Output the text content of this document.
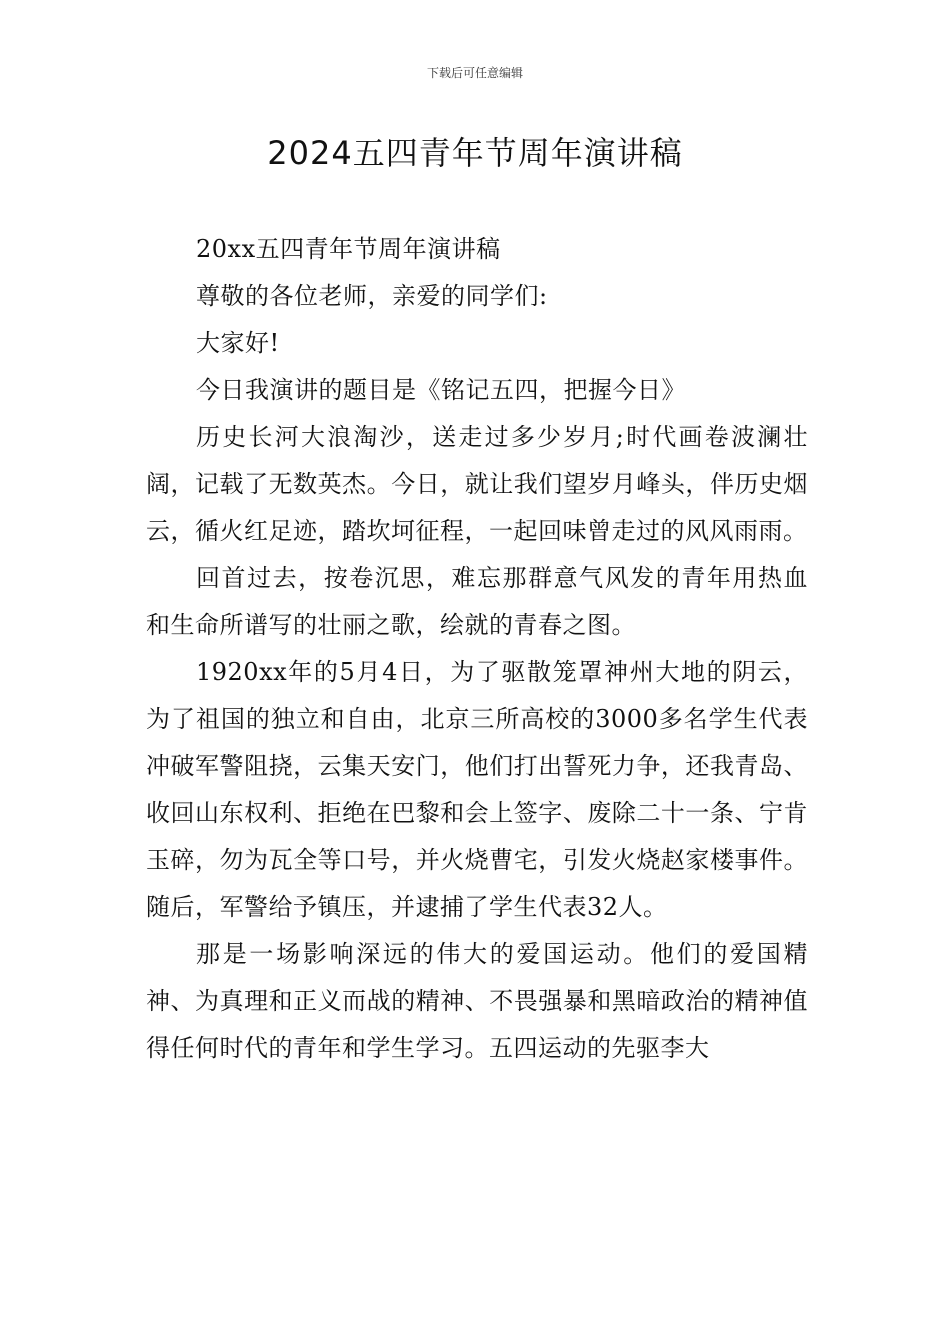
下载后可任意编辑
2024五四青年节周年演讲稿

20xx五四青年节周年演讲稿

尊敬的各位老师，亲爱的同学们:

大家好!

今日我演讲的题目是《铭记五四，把握今日》

历史长河大浪淘沙，送走过多少岁月;时代画卷波澜壮阔，记载了无数英杰。今日，就让我们望岁月峰头，伴历史烟云，循火红足迹，踏坎坷征程，一起回味曾走过的风风雨雨。

回首过去，按卷沉思，难忘那群意气风发的青年用热血和生命所谱写的壮丽之歌，绘就的青春之图。

1920xx年的5月4日，为了驱散笼罩神州大地的阴云，为了祖国的独立和自由，北京三所高校的3000多名学生代表冲破军警阻挠，云集天安门，他们打出誓死力争，还我青岛、收回山东权利、拒绝在巴黎和会上签字、废除二十一条、宁肯玉碎，勿为瓦全等口号，并火烧曹宅，引发火烧赵家楼事件。随后，军警给予镇压，并逮捕了学生代表32人。

那是一场影响深远的伟大的爱国运动。他们的爱国精神、为真理和正义而战的精神、不畏强暴和黑暗政治的精神值得任何时代的青年和学生学习。五四运动的先驱李大
